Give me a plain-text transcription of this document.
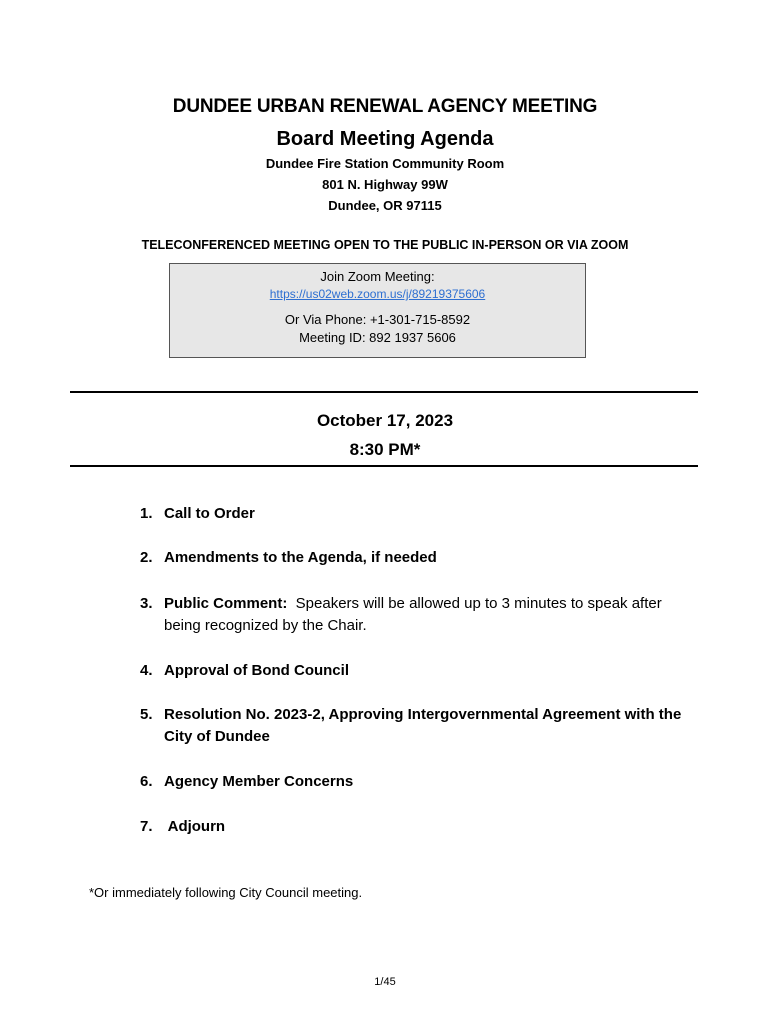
DUNDEE URBAN RENEWAL AGENCY MEETING
Board Meeting Agenda
Dundee Fire Station Community Room
801 N. Highway 99W
Dundee, OR 97115
TELECONFERENCED MEETING OPEN TO THE PUBLIC IN-PERSON OR VIA ZOOM
Join Zoom Meeting:
https://us02web.zoom.us/j/89219375606
Or Via Phone: +1-301-715-8592
Meeting ID: 892 1937 5606
October 17, 2023
8:30 PM*
1. Call to Order
2. Amendments to the Agenda, if needed
3. Public Comment:  Speakers will be allowed up to 3 minutes to speak after being recognized by the Chair.
4. Approval of Bond Council
5. Resolution No. 2023-2, Approving Intergovernmental Agreement with the City of Dundee
6. Agency Member Concerns
7. Adjourn
*Or immediately following City Council meeting.
1/45
